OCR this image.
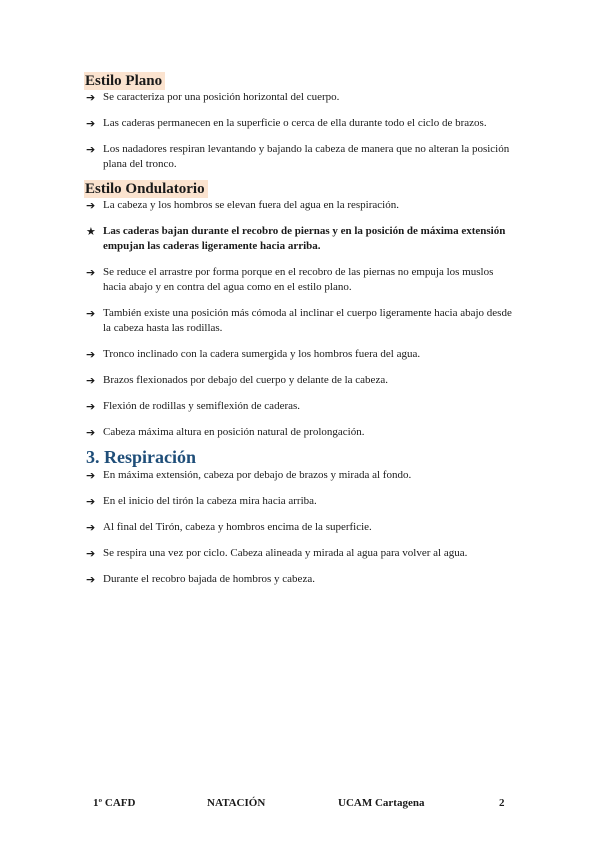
Estilo Plano
➔ Se caracteriza por una posición horizontal del cuerpo.
➔ Las caderas permanecen en la superficie o cerca de ella durante todo el ciclo de brazos.
➔ Los nadadores respiran levantando y bajando la cabeza de manera que no alteran la posición plana del tronco.
Estilo Ondulatorio
➔ La cabeza y los hombros se elevan fuera del agua en la respiración.
★ Las caderas bajan durante el recobro de piernas y en la posición de máxima extensión empujan las caderas ligeramente hacia arriba.
➔ Se reduce el arrastre por forma porque en el recobro de las piernas no empuja los muslos hacia abajo y en contra del agua como en el estilo plano.
➔ También existe una posición más cómoda al inclinar el cuerpo ligeramente hacia abajo desde la cabeza hasta las rodillas.
➔ Tronco inclinado con la cadera sumergida y los hombros fuera del agua.
➔ Brazos flexionados por debajo del cuerpo y delante de la cabeza.
➔ Flexión de rodillas y semiflexión de caderas.
➔ Cabeza máxima altura en posición natural de prolongación.
3. Respiración
➔ En máxima extensión, cabeza por debajo de brazos y mirada al fondo.
➔ En el inicio del tirón la cabeza mira hacia arriba.
➔ Al final del Tirón, cabeza y hombros encima de la superficie.
➔ Se respira una vez por ciclo. Cabeza alineada y mirada al agua para volver al agua.
➔ Durante el recobro bajada de hombros y cabeza.
1º CAFD	NATACIÓN	UCAM Cartagena	2
